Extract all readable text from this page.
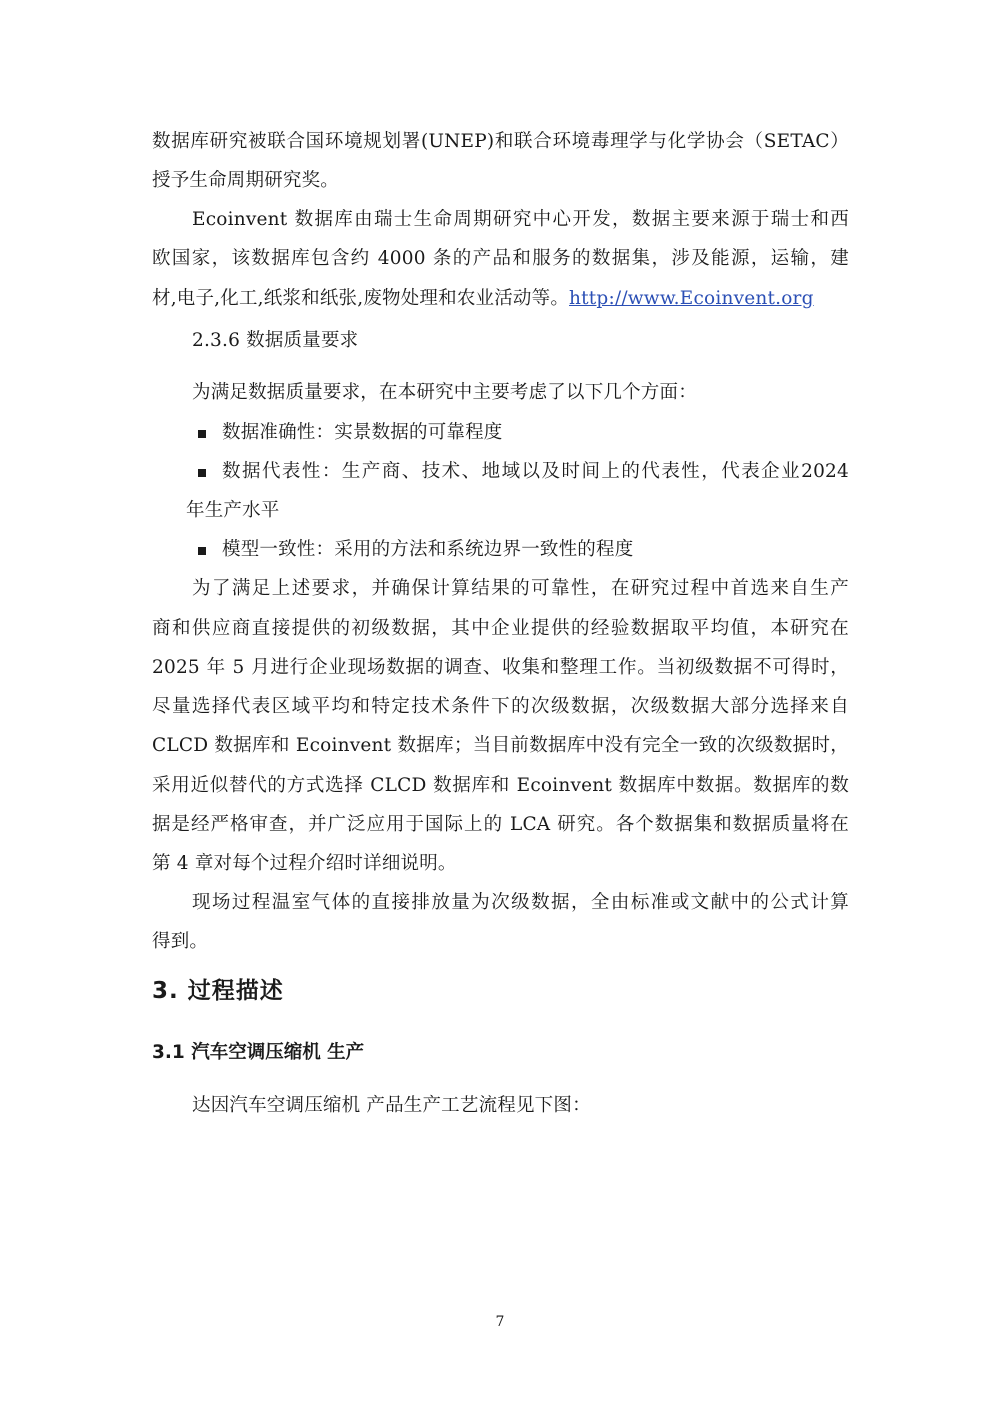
数据库研究被联合国环境规划署(UNEP)和联合环境毒理学与化学协会（SETAC）
授予生命周期研究奖。
Ecoinvent 数据库由瑞士生命周期研究中心开发，数据主要来源于瑞士和西
欧国家，该数据库包含约 4000 条的产品和服务的数据集，涉及能源，运输，建
材,电子,化工,纸浆和纸张,废物处理和农业活动等。http://www.Ecoinvent.org
2.3.6 数据质量要求
为满足数据质量要求，在本研究中主要考虑了以下几个方面：
数据准确性：实景数据的可靠程度
数据代表性：生产商、技术、地域以及时间上的代表性，代表企业2024
年生产水平
模型一致性：采用的方法和系统边界一致性的程度
为了满足上述要求，并确保计算结果的可靠性，在研究过程中首选来自生产
商和供应商直接提供的初级数据，其中企业提供的经验数据取平均值，本研究在
2025 年 5 月进行企业现场数据的调查、收集和整理工作。当初级数据不可得时，
尽量选择代表区域平均和特定技术条件下的次级数据，次级数据大部分选择来自
CLCD 数据库和 Ecoinvent 数据库；当目前数据库中没有完全一致的次级数据时，
采用近似替代的方式选择 CLCD 数据库和 Ecoinvent 数据库中数据。数据库的数
据是经严格审查，并广泛应用于国际上的 LCA 研究。各个数据集和数据质量将在
第 4 章对每个过程介绍时详细说明。
现场过程温室气体的直接排放量为次级数据，全由标准或文献中的公式计算
得到。
3. 过程描述
3.1 汽车空调压缩机 生产
达因汽车空调压缩机 产品生产工艺流程见下图：
7
